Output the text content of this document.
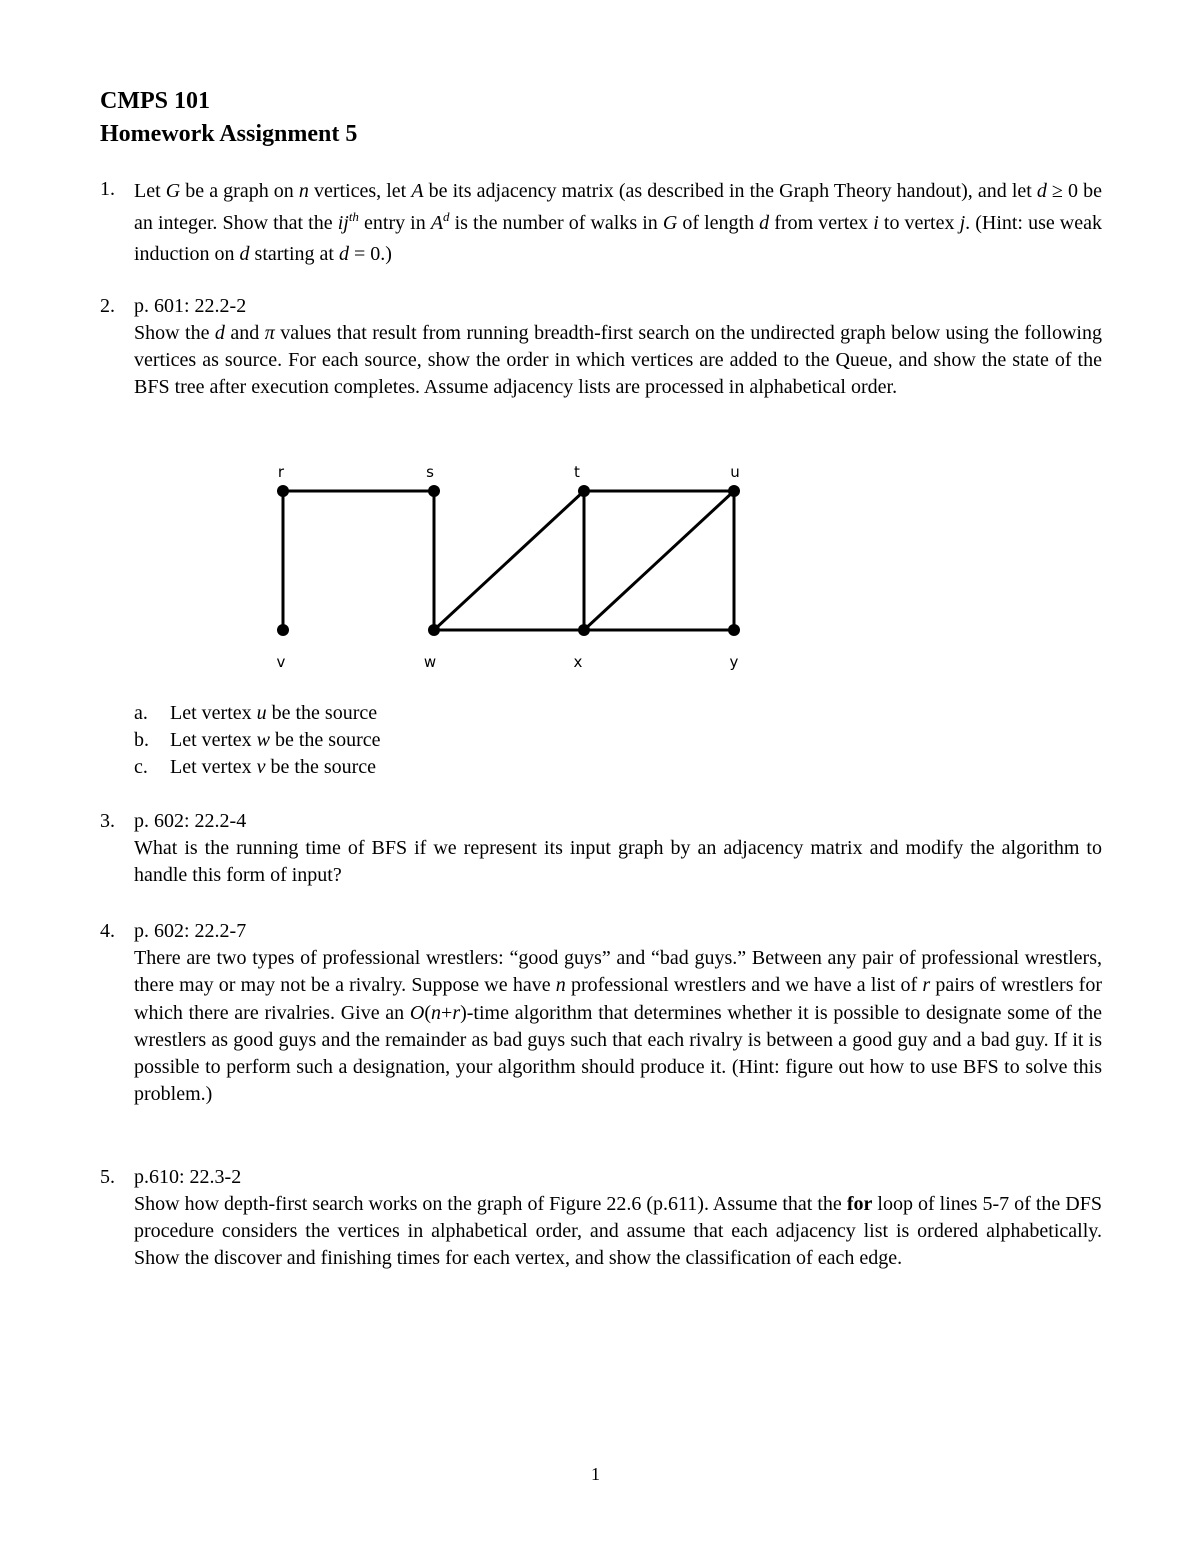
CMPS 101
Homework Assignment 5
1. Let G be a graph on n vertices, let A be its adjacency matrix (as described in the Graph Theory handout), and let d ≥ 0 be an integer. Show that the $ij^{th}$ entry in $A^d$ is the number of walks in G of length d from vertex i to vertex j. (Hint: use weak induction on d starting at d = 0.)

2. p. 601: 22.2-2

Show the d and π values that result from running breadth-first search on the undirected graph below using the following vertices as source. For each source, show the order in which vertices are added to the Queue, and show the state of the BFS tree after execution completes. Assume adjacency lists are processed in alphabetical order.

r	s	t	u
v	w	x	y
a. Let vertex u be the source
b. Let vertex w be the source
c. Let vertex v be the source
3. p. 602: 22.2-4

What is the running time of BFS if we represent its input graph by an adjacency matrix and modify the algorithm to handle this form of input?

4. p. 602: 22.2-7

There are two types of professional wrestlers: “good guys” and “bad guys.” Between any pair of professional wrestlers, there may or may not be a rivalry. Suppose we have n professional wrestlers and we have a list of r pairs of wrestlers for which there are rivalries. Give an O(n+r)-time algorithm that determines whether it is possible to designate some of the wrestlers as good guys and the remainder as bad guys such that each rivalry is between a good guy and a bad guy. If it is possible to perform such a designation, your algorithm should produce it. (Hint: figure out how to use BFS to solve this problem.)

5. p.610: 22.3-2

Show how depth-first search works on the graph of Figure 22.6 (p.611). Assume that the for loop of lines 5-7 of the DFS procedure considers the vertices in alphabetical order, and assume that each adjacency list is ordered alphabetically. Show the discover and finishing times for each vertex, and show the classification of each edge.

1
